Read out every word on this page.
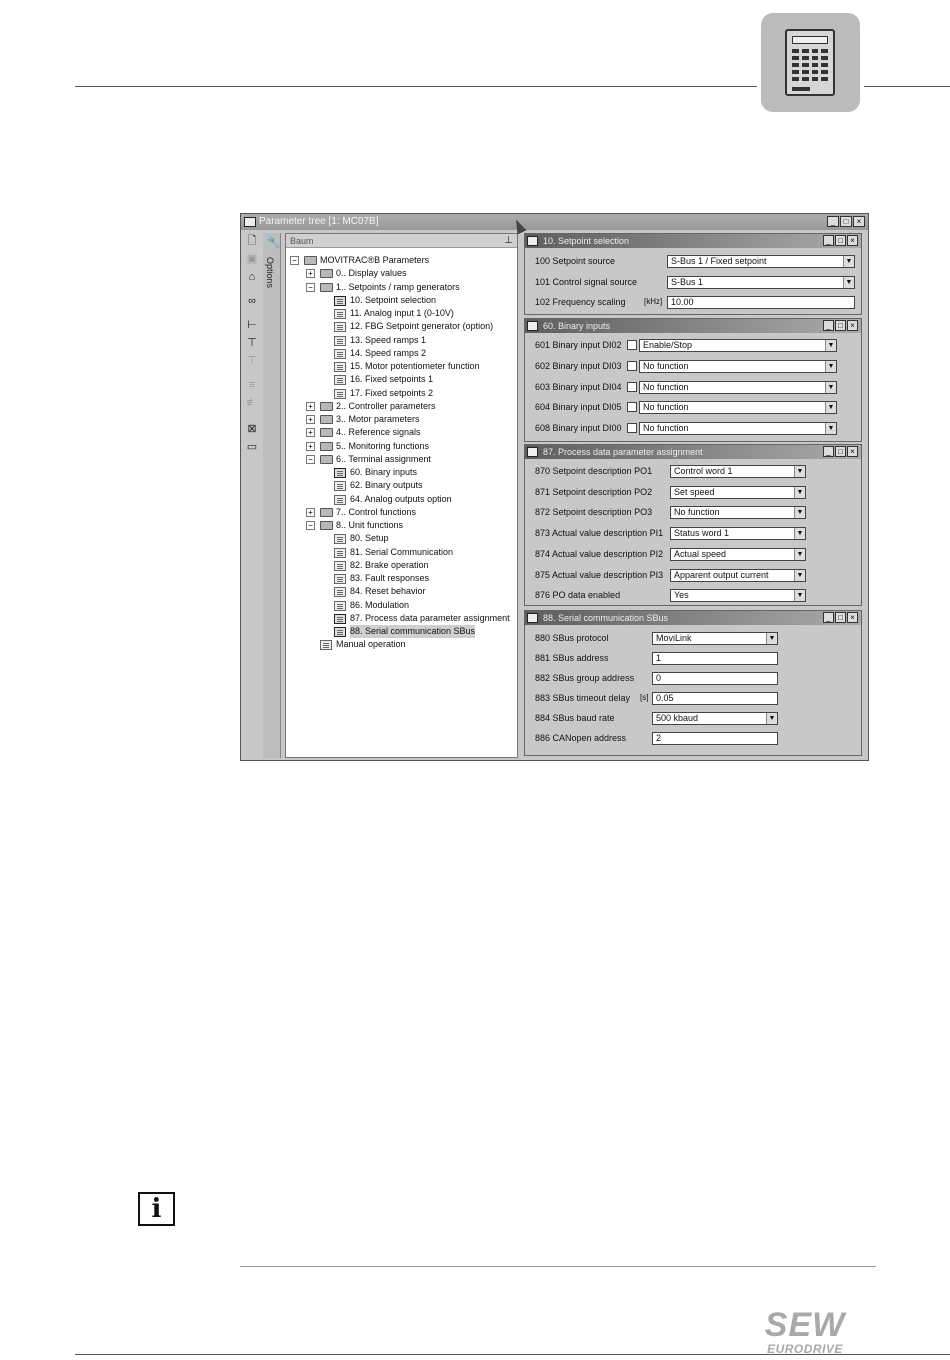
Parameter tree [1: MC07B]	_	□	×
🗋
▣
⌂
∞
⊢
⊤
⊤
≡
≢
⊠
▭
🔧
Options
Baum	⊥
−	MOVITRAC®B Parameters
+	0.. Display values
−	1.. Setpoints / ramp generators
10. Setpoint selection
11. Analog input 1 (0-10V)
12. FBG Setpoint generator (option)
13. Speed ramps 1
14. Speed ramps 2
15. Motor potentiometer function
16. Fixed setpoints 1
17. Fixed setpoints 2
+	2.. Controller parameters
+	3.. Motor parameters
+	4.. Reference signals
+	5.. Monitoring functions
−	6.. Terminal assignment
60. Binary inputs
62. Binary outputs
64. Analog outputs option
+	7.. Control functions
−	8.. Unit functions
80. Setup
81. Serial Communication
82. Brake operation
83. Fault responses
84. Reset behavior
86. Modulation
87. Process data parameter assignment
88. Serial communication SBus
Manual operation
10. Setpoint selection	_ □ ×
100 Setpoint source	S-Bus 1 / Fixed setpoint	▼
101 Control signal source	S-Bus 1	▼
102 Frequency scaling [kHz] 10.00
60. Binary inputs	_ □ ×
601 Binary input DI02	Enable/Stop	▼
602 Binary input DI03	No function	▼
603 Binary input DI04	No function	▼
604 Binary input DI05	No function	▼
608 Binary input DI00	No function	▼
87. Process data parameter assignment	_ □ ×
870 Setpoint description PO1	Control word 1	▼
871 Setpoint description PO2	Set speed	▼
872 Setpoint description PO3	No function	▼
873 Actual value description PI1	Status word 1	▼
874 Actual value description PI2	Actual speed	▼
875 Actual value description PI3	Apparent output current	▼
876 PO data enabled	Yes	▼
88. Serial communication SBus	_ □ ×
880 SBus protocol	MoviLink	▼
881 SBus address	1
882 SBus group address	0
883 SBus timeout delay [s] 0.05
884 SBus baud rate	500 kbaud	▼
886 CANopen address	2
i
SEW
EURODRIVE
